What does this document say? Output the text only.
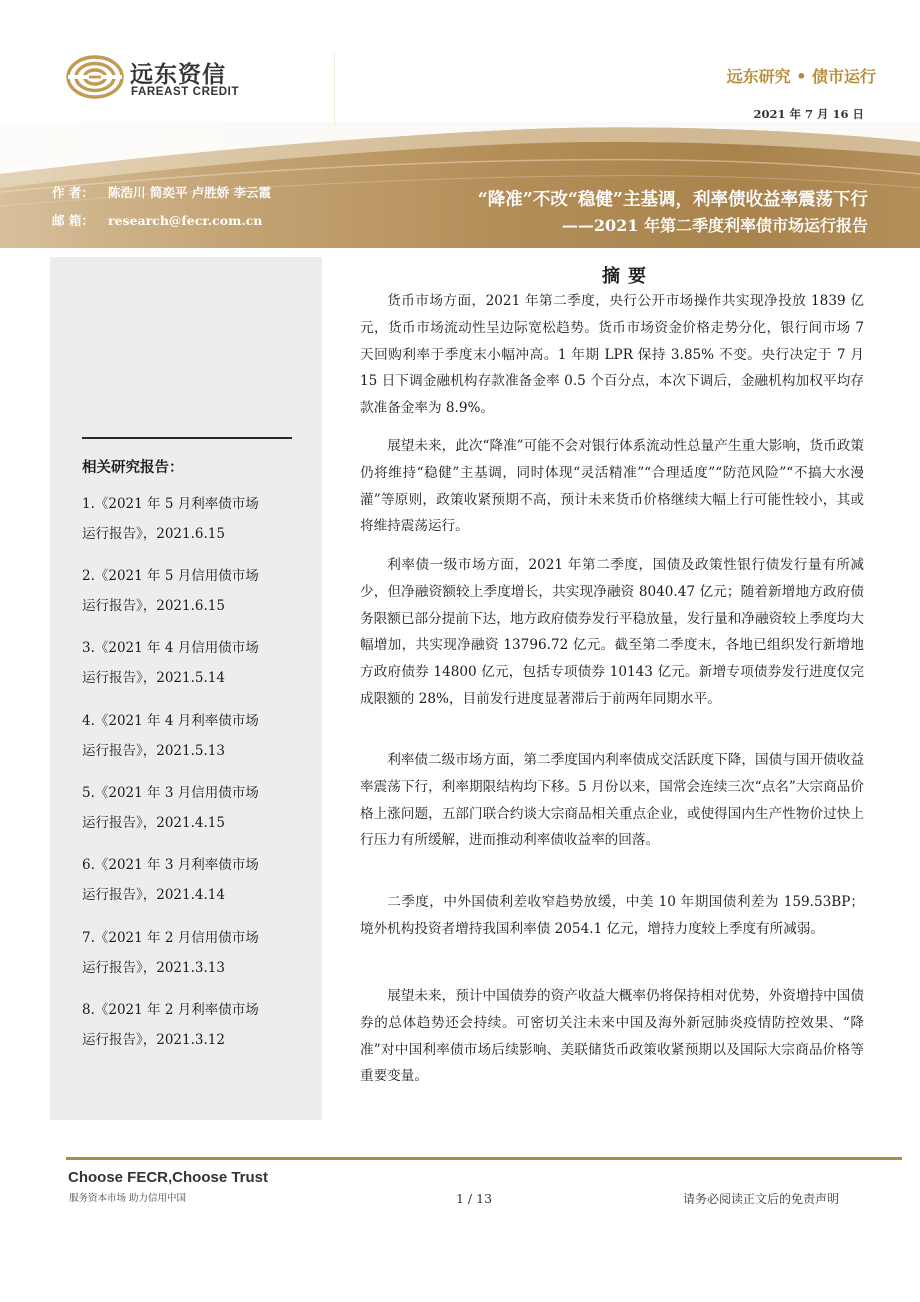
远东资信
FAREAST CREDIT
远东研究 • 债市运行
2021 年 7 月 16 日
作 者： 陈浩川 简奕平 卢胜娇 李云霞
邮 箱： research@fecr.com.cn
“降准”不改“稳健”主基调，利率债收益率震荡下行
——2021 年第二季度利率债市场运行报告
相关研究报告：
1.《2021 年 5 月利率债市场
运行报告》，2021.6.15
2.《2021 年 5 月信用债市场
运行报告》，2021.6.15
3.《2021 年 4 月信用债市场
运行报告》，2021.5.14
4.《2021 年 4 月利率债市场
运行报告》，2021.5.13
5.《2021 年 3 月信用债市场
运行报告》，2021.4.15
6.《2021 年 3 月利率债市场
运行报告》，2021.4.14
7.《2021 年 2 月信用债市场
运行报告》，2021.3.13
8.《2021 年 2 月利率债市场
运行报告》，2021.3.12
摘要

货币市场方面，2021 年第二季度，央行公开市场操作共实现净投放 1839 亿元，货币市场流动性呈边际宽松趋势。货币市场资金价格走势分化，银行间市场 7 天回购利率于季度末小幅冲高。1 年期 LPR 保持 3.85% 不变。央行决定于 7 月 15 日下调金融机构存款准备金率 0.5 个百分点，本次下调后，金融机构加权平均存款准备金率为 8.9%。

展望未来，此次“降准”可能不会对银行体系流动性总量产生重大影响，货币政策仍将维持“稳健”主基调，同时体现“灵活精准”“合理适度”“防范风险”“不搞大水漫灌”等原则，政策收紧预期不高，预计未来货币价格继续大幅上行可能性较小，其或将维持震荡运行。

利率债一级市场方面，2021 年第二季度，国债及政策性银行债发行量有所减少，但净融资额较上季度增长，共实现净融资 8040.47 亿元；随着新增地方政府债务限额已部分提前下达，地方政府债券发行平稳放量，发行量和净融资较上季度均大幅增加，共实现净融资 13796.72 亿元。截至第二季度末，各地已组织发行新增地方政府债券 14800 亿元，包括专项债券 10143 亿元。新增专项债券发行进度仅完成限额的 28%，目前发行进度显著滞后于前两年同期水平。

利率债二级市场方面，第二季度国内利率债成交活跃度下降，国债与国开债收益率震荡下行，利率期限结构均下移。5 月份以来，国常会连续三次“点名”大宗商品价格上涨问题，五部门联合约谈大宗商品相关重点企业，或使得国内生产性物价过快上行压力有所缓解，进而推动利率债收益率的回落。

二季度，中外国债利差收窄趋势放缓，中美 10 年期国债利差为 159.53BP；境外机构投资者增持我国利率债 2054.1 亿元，增持力度较上季度有所减弱。

展望未来，预计中国债券的资产收益大概率仍将保持相对优势，外资增持中国债券的总体趋势还会持续。可密切关注未来中国及海外新冠肺炎疫情防控效果、“降准”对中国利率债市场后续影响、美联储货币政策收紧预期以及国际大宗商品价格等重要变量。

Choose FECR,Choose Trust
服务资本市场 助力信用中国	1 / 13	请务必阅读正文后的免责声明
